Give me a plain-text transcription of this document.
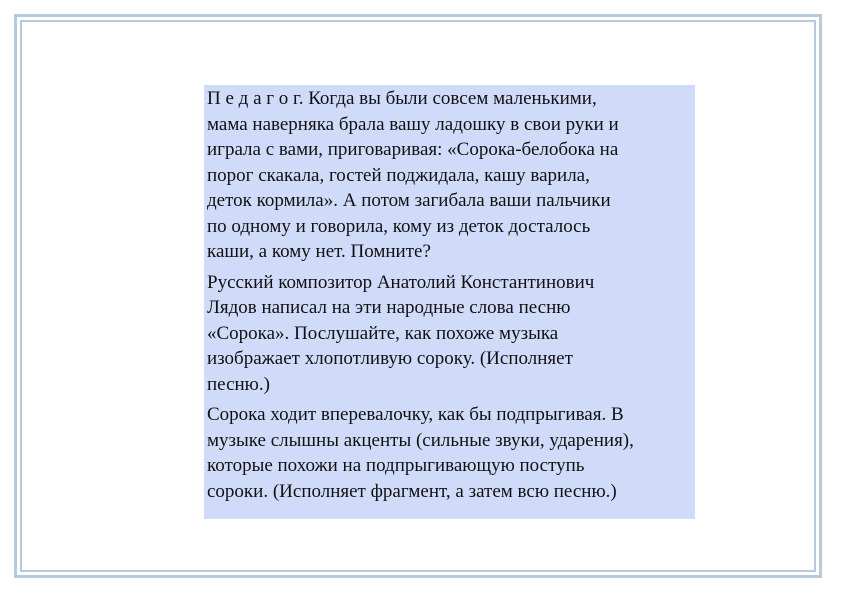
П е д а г о г. Когда вы были совсем маленькими,
мама наверняка брала вашу ладошку в свои руки и
играла с вами, приговаривая: «Сорока-белобока на
порог скакала, гостей поджидала, кашу варила,
деток кормила». А потом загибала ваши пальчики
по одному и говорила, кому из деток досталось
каши, а кому нет. Помните?

Русский композитор Анатолий Константинович
Лядов написал на эти народные слова песню
«Сорока». Послушайте, как похоже музыка
изображает хлопотливую сороку. (Исполняет
песню.)

Сорока ходит вперевалочку, как бы подпрыгивая. В
музыке слышны акценты (сильные звуки, ударения),
которые похожи на подпрыгивающую поступь
сороки. (Исполняет фрагмент, а затем всю песню.)
